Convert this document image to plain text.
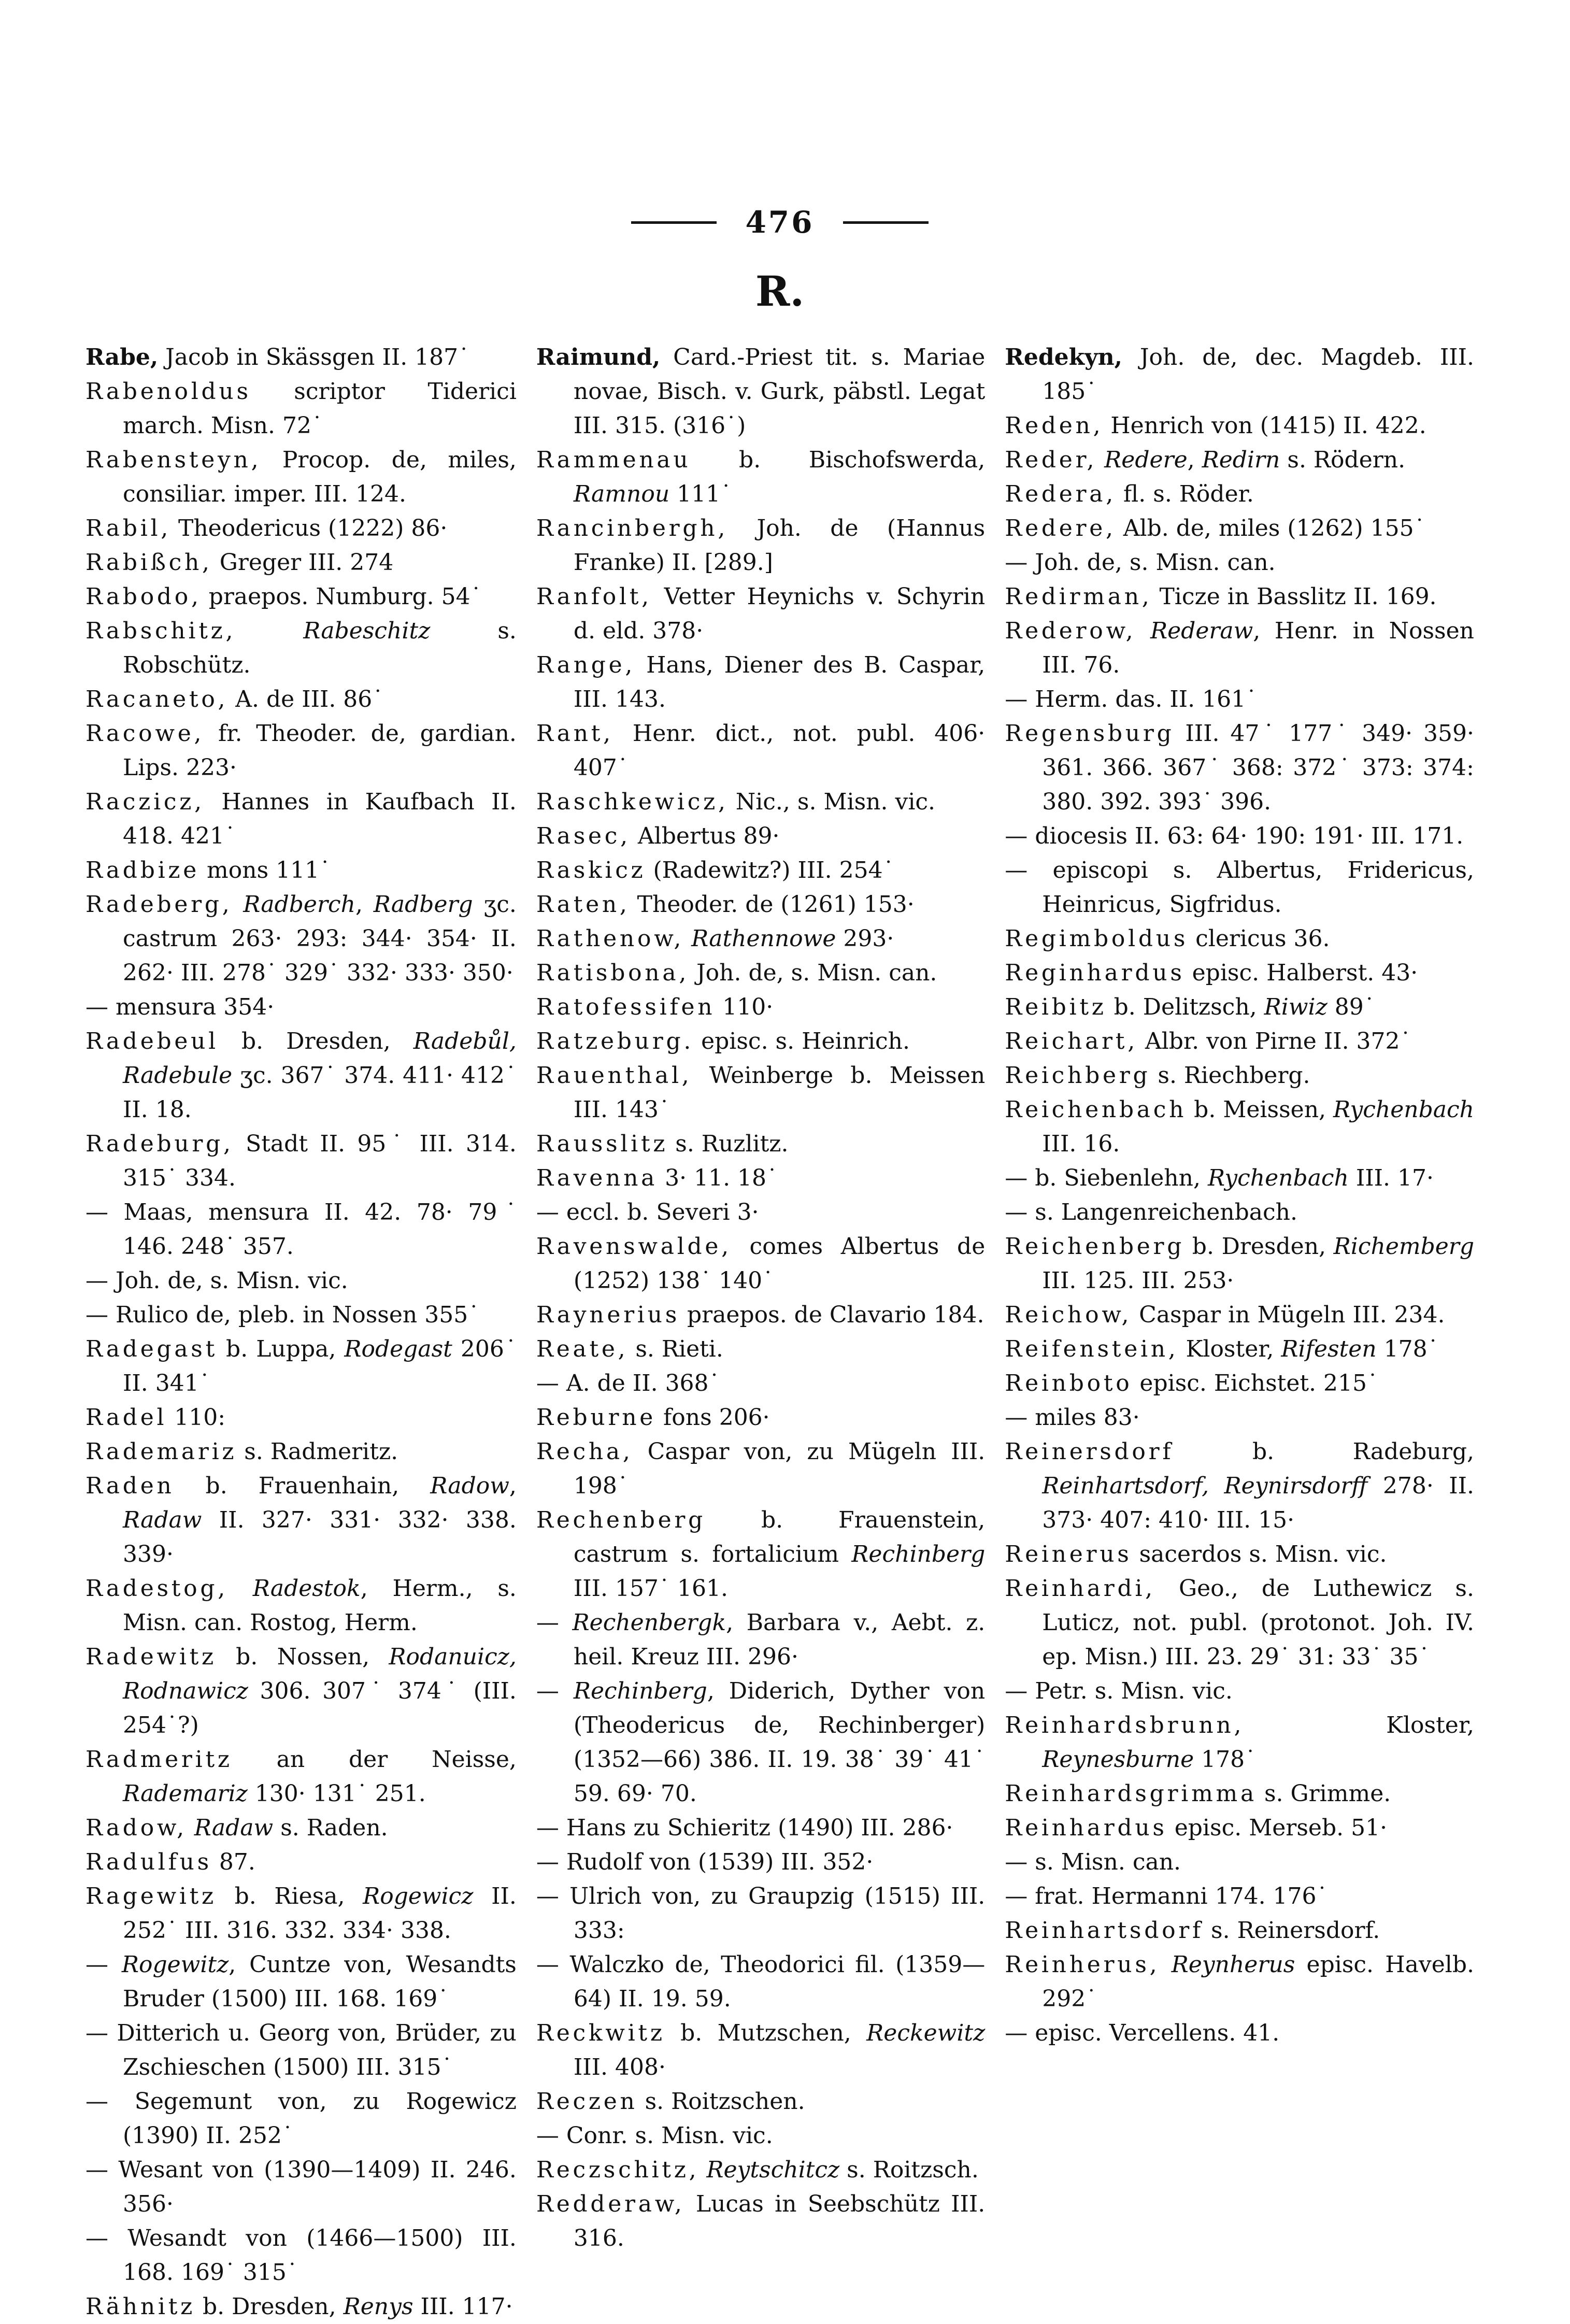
476
R.

Rabe, Jacob in Skässgen II. 187˙

Rabenoldus scriptor Tiderici march. Misn. 72˙

Rabensteyn, Procop. de, miles, consiliar. imper. III. 124.

Rabil, Theodericus (1222) 86·

Rabißch, Greger III. 274

Rabodo, praepos. Numburg. 54˙

Rabschitz,	Rabeschitz s. Robschütz.

Racaneto, A. de III. 86˙

Racowe, fr. Theoder. de, gardian. Lips. 223·

Raczicz, Hannes in Kaufbach II. 418. 421˙

Radbize mons 111˙

Radeberg, Radberch, Radberg ʒc. castrum 263· 293: 344· 354· II. 262· III. 278˙ 329˙ 332· 333· 350·

— mensura 354·

Radebeul b. Dresden, Radebůl, Radebule ʒc. 367˙ 374. 411· 412˙ II. 18.

Radeburg, Stadt II. 95˙ III. 314. 315˙ 334.

— Maas, mensura II. 42. 78· 79˙ 146. 248˙ 357.

— Joh. de, s. Misn. vic.

— Rulico de, pleb. in Nossen 355˙

Radegast b. Luppa, Rodegast 206˙ II. 341˙

Radel 110:

Rademariz s. Radmeritz.

Raden b. Frauenhain, Radow, Radaw II. 327· 331· 332· 338. 339·

Radestog, Radestok, Herm., s. Misn. can. Rostog, Herm.

Radewitz b. Nossen, Rodanuicz, Rodnawicz 306. 307˙ 374˙ (III. 254˙?)

Radmeritz an der Neisse, Rademariz 130· 131˙ 251.

Radow, Radaw s. Raden.

Radulfus 87.

Ragewitz b. Riesa, Rogewicz II. 252˙ III. 316. 332. 334· 338.

— Rogewitz, Cuntze von, Wesandts Bruder (1500) III. 168. 169˙

— Ditterich u. Georg von, Brüder, zu Zschieschen (1500) III. 315˙

— Segemunt von, zu Rogewicz (1390) II. 252˙

— Wesant von (1390—1409) II. 246. 356·

— Wesandt von (1466—1500) III. 168. 169˙ 315˙

Rähnitz b. Dresden, Renys III. 117·

Raimund, Card.-Priest tit. s. Mariae novae, Bisch. v. Gurk, päbstl. Legat III. 315. (316˙)

Rammenau b. Bischofswerda, Ramnou 111˙

Rancinbergh, Joh. de (Hannus Franke) II. [289.]

Ranfolt, Vetter Heynichs v. Schyrin d. eld. 378·

Range, Hans, Diener des B. Caspar, III. 143.

Rant, Henr. dict., not. publ. 406· 407˙

Raschkewicz, Nic., s. Misn. vic.

Rasec, Albertus 89·

Raskicz (Radewitz?) III. 254˙

Raten, Theoder. de (1261) 153·

Rathenow, Rathennowe 293·

Ratisbona, Joh. de, s. Misn. can.

Ratofessifen 110·

Ratzeburg. episc. s. Heinrich.

Rauenthal, Weinberge b. Meissen III. 143˙

Rausslitz s. Ruzlitz.

Ravenna 3· 11. 18˙

— eccl. b. Severi 3·

Ravenswalde, comes Albertus de (1252) 138˙ 140˙

Raynerius praepos. de Clavario 184.

Reate, s. Rieti.

— A. de II. 368˙

Reburne fons 206·

Recha, Caspar von, zu Mügeln III. 198˙

Rechenberg b. Frauenstein, castrum s. fortalicium Rechinberg III. 157˙ 161.

— Rechenbergk, Barbara v., Aebt. z. heil. Kreuz III. 296·

— Rechinberg, Diderich, Dyther von (Theodericus de, Rechinberger) (1352—66) 386. II. 19. 38˙ 39˙ 41˙ 59. 69· 70.

— Hans zu Schieritz (1490) III. 286·

— Rudolf von (1539) III. 352·

— Ulrich von, zu Graupzig (1515) III. 333:

— Walczko de, Theodorici fil. (1359—64) II. 19. 59.

Reckwitz b. Mutzschen, Reckewitz III. 408·

Reczen s. Roitzschen.

— Conr. s. Misn. vic.

Reczschitz, Reytschitcz s. Roitzsch.

Redderaw, Lucas in Seebschütz III. 316.

Redekyn, Joh. de, dec. Magdeb. III. 185˙

Reden, Henrich von (1415) II. 422.

Reder, Redere, Redirn s. Rödern.

Redera, fl. s. Röder.

Redere, Alb. de, miles (1262) 155˙

— Joh. de, s. Misn. can.

Redirman, Ticze in Basslitz II. 169.

Rederow, Rederaw, Henr. in Nossen III. 76.

— Herm. das. II. 161˙

Regensburg III. 47˙ 177˙ 349· 359· 361. 366. 367˙ 368: 372˙ 373: 374: 380. 392. 393˙ 396.

— diocesis II. 63: 64· 190: 191· III. 171.

— episcopi s. Albertus, Fridericus, Heinricus, Sigfridus.

Regimboldus clericus 36.

Reginhardus episc. Halberst. 43·

Reibitz b. Delitzsch, Riwiz 89˙

Reichart, Albr. von Pirne II. 372˙

Reichberg s. Riechberg.

Reichenbach b. Meissen, Rychenbach III. 16.

— b. Siebenlehn, Rychenbach III. 17·

— s. Langenreichenbach.

Reichenberg b. Dresden, Richemberg III. 125. III. 253·

Reichow, Caspar in Mügeln III. 234.

Reifenstein, Kloster, Rifesten 178˙

Reinboto episc. Eichstet. 215˙

— miles 83·

Reinersdorf b. Radeburg, Reinhartsdorf, Reynirsdorff 278· II. 373· 407: 410· III. 15·

Reinerus sacerdos s. Misn. vic.

Reinhardi, Geo., de Luthewicz s. Luticz, not. publ. (protonot. Joh. IV. ep. Misn.) III. 23. 29˙ 31: 33˙ 35˙

— Petr. s. Misn. vic.

Reinhardsbrunn, Kloster, Reynesburne 178˙

Reinhardsgrimma s. Grimme.

Reinhardus episc. Merseb. 51·

— s. Misn. can.

— frat. Hermanni 174. 176˙

Reinhartsdorf s. Reinersdorf.

Reinherus, Reynherus episc. Havelb. 292˙

— episc. Vercellens. 41.
